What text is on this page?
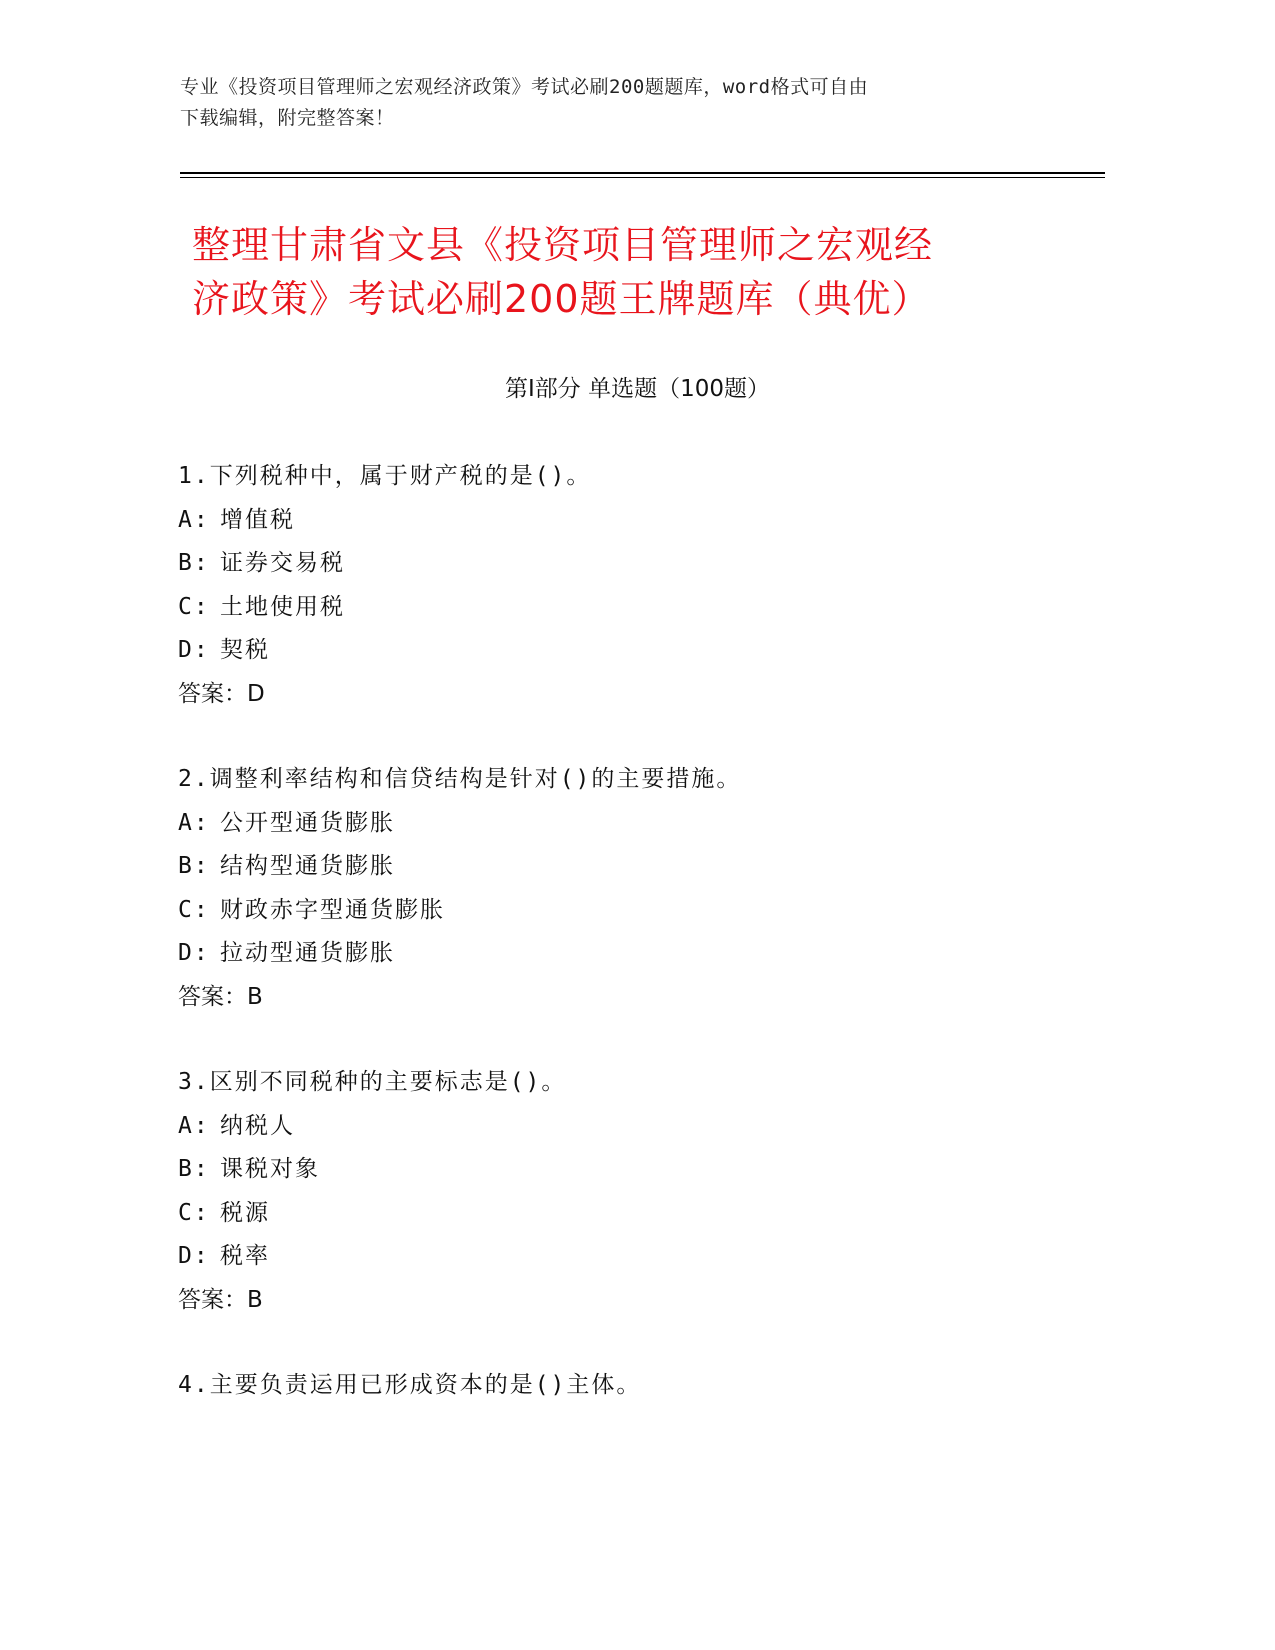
专业《投资项目管理师之宏观经济政策》考试必刷200题题库，word格式可自由
下载编辑，附完整答案！
整理甘肃省文县《投资项目管理师之宏观经
济政策》考试必刷200题王牌题库（典优）
第I部分 单选题（100题）
1.下列税种中，属于财产税的是()。
A: 增值税
B: 证券交易税
C: 土地使用税
D: 契税
答案：D
2.调整利率结构和信贷结构是针对()的主要措施。
A: 公开型通货膨胀
B: 结构型通货膨胀
C: 财政赤字型通货膨胀
D: 拉动型通货膨胀
答案：B
3.区别不同税种的主要标志是()。
A: 纳税人
B: 课税对象
C: 税源
D: 税率
答案：B
4.主要负责运用已形成资本的是()主体。
